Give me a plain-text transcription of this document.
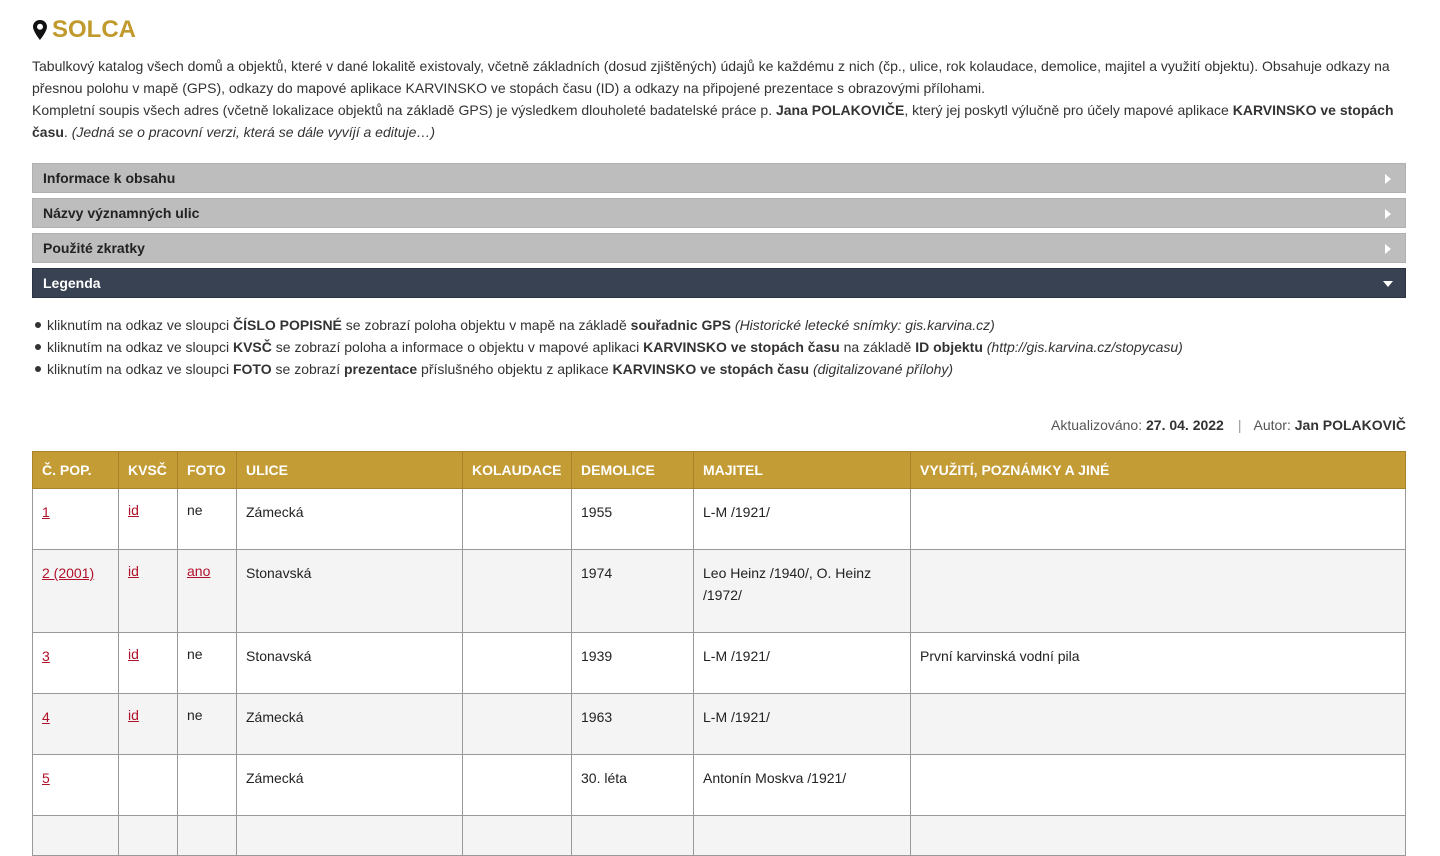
SOLCA
Tabulkový katalog všech domů a objektů, které v dané lokalitě existovaly, včetně základních (dosud zjištěných) údajů ke každému z nich (čp., ulice, rok kolaudace, demolice, majitel a využití objektu). Obsahuje odkazy na přesnou polohu v mapě (GPS), odkazy do mapové aplikace KARVINSKO ve stopách času (ID) a odkazy na připojené prezentace s obrazovými přílohami.
Kompletní soupis všech adres (včetně lokalizace objektů na základě GPS) je výsledkem dlouholeté badatelské práce p. Jana POLAKOVIČE, který jej poskytl výlučně pro účely mapové aplikace KARVINSKO ve stopách času. (Jedná se o pracovní verzi, která se dále vyvíjí a edituje…)
Informace k obsahu
Názvy významných ulic
Použité zkratky
Legenda
kliknutím na odkaz ve sloupci ČÍSLO POPISNÉ se zobrazí poloha objektu v mapě na základě souřadnic GPS (Historické letecké snímky: gis.karvina.cz)
kliknutím na odkaz ve sloupci KVSČ se zobrazí poloha a informace o objektu v mapové aplikaci KARVINSKO ve stopách času na základě ID objektu (http://gis.karvina.cz/stopycasu)
kliknutím na odkaz ve sloupci FOTO se zobrazí prezentace příslušného objektu z aplikace KARVINSKO ve stopách času (digitalizované přílohy)
Aktualizováno: 27. 04. 2022 | Autor: Jan POLAKOVIČ
Č. POP.	KVSČ	FOTO	ULICE	KOLAUDACE	DEMOLICE	MAJITEL	VYUŽITÍ, POZNÁMKY A JINÉ
1	id	ne	Zámecká		1955	L-M /1921/	
2 (2001)	id	ano	Stonavská		1974	Leo Heinz /1940/, O. Heinz /1972/	
3	id	ne	Stonavská		1939	L-M /1921/	První karvinská vodní pila
4	id	ne	Zámecká		1963	L-M /1921/	
5			Zámecká		30. léta	Antonín Moskva /1921/	
